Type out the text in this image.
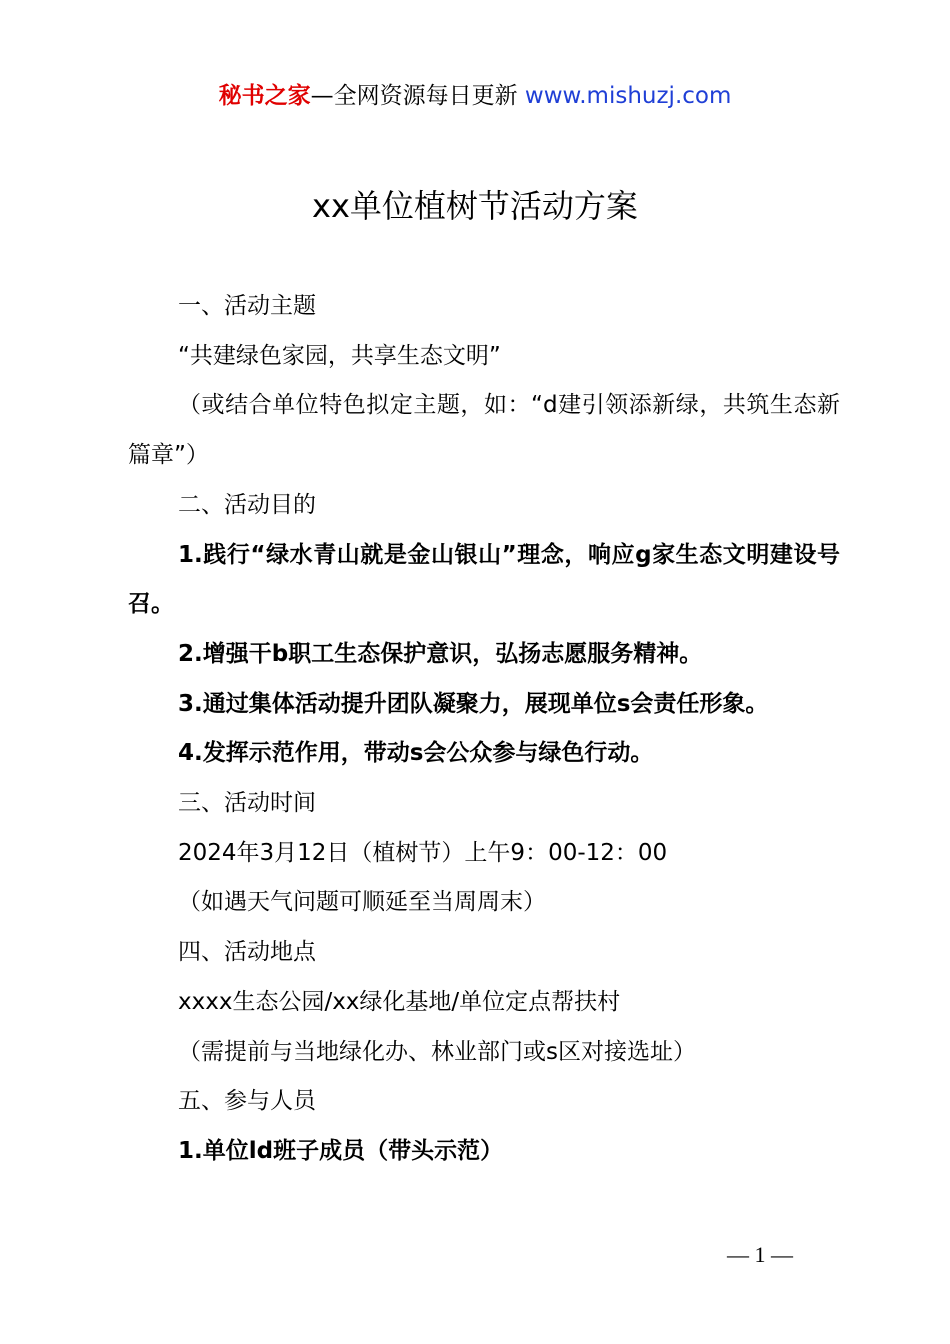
秘书之家—全网资源每日更新 www.mishuzj.com
xx单位植树节活动方案

一、活动主题

“共建绿色家园，共享生态文明”

（或结合单位特色拟定主题，如：“d建引领添新绿，共筑生态新篇章”）

二、活动目的

1.践行“绿水青山就是金山银山”理念，响应g家生态文明建设号召。

2.增强干b职工生态保护意识，弘扬志愿服务精神。

3.通过集体活动提升团队凝聚力，展现单位s会责任形象。

4.发挥示范作用，带动s会公众参与绿色行动。

三、活动时间

2024年3月12日（植树节）上午9：00-12：00

（如遇天气问题可顺延至当周周末）

四、活动地点

xxxx生态公园/xx绿化基地/单位定点帮扶村

（需提前与当地绿化办、林业部门或s区对接选址）

五、参与人员

1.单位ld班子成员（带头示范）

— 1 —
